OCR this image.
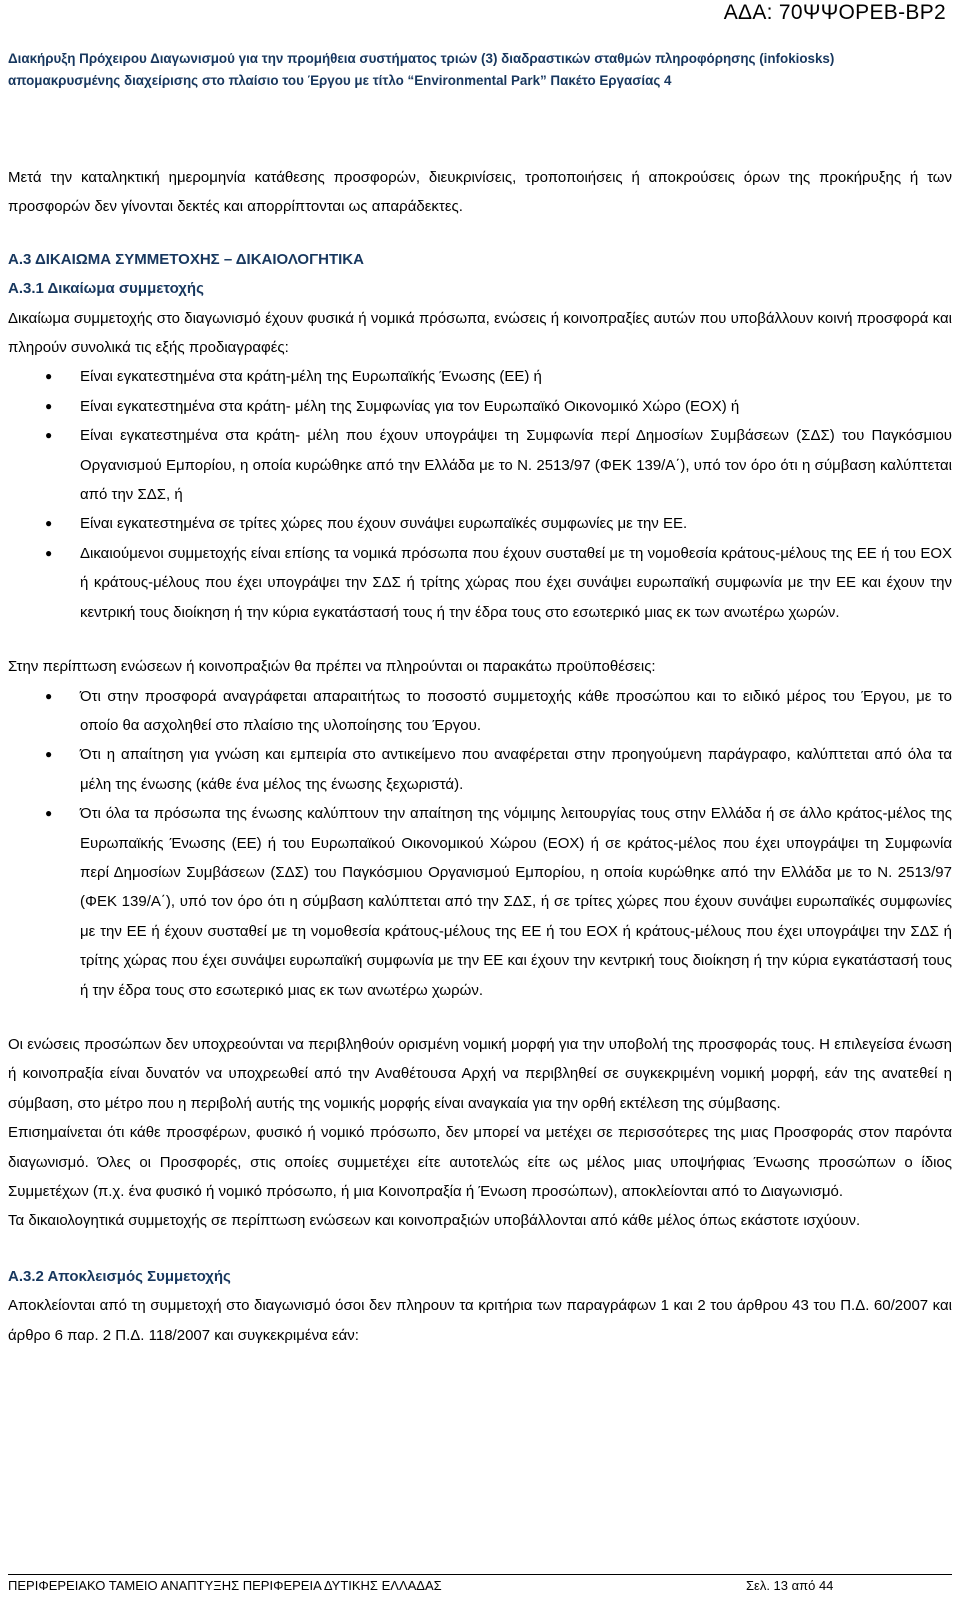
ΑΔΑ: 70ΨΨΟΡΕΒ-ΒΡ2
Διακήρυξη Πρόχειρου Διαγωνισμού για την προμήθεια συστήματος τριών (3) διαδραστικών σταθμών πληροφόρησης (infokiosks)
απομακρυσμένης διαχείρισης στο πλαίσιο του Έργου με τίτλο “Environmental Park” Πακέτο Εργασίας 4

Μετά την καταληκτική ημερομηνία κατάθεσης προσφορών, διευκρινίσεις, τροποποιήσεις ή αποκρούσεις όρων της προκήρυξης ή των προσφορών δεν γίνονται δεκτές και απορρίπτονται ως απαράδεκτες.

Α.3 ΔΙΚΑΙΩΜΑ ΣΥΜΜΕΤΟΧΗΣ – ΔΙΚΑΙΟΛΟΓΗΤΙΚΑ

Α.3.1 Δικαίωμα συμμετοχής

Δικαίωμα συμμετοχής στο διαγωνισμό έχουν φυσικά ή νομικά πρόσωπα, ενώσεις ή κοινοπραξίες αυτών που υποβάλλουν κοινή προσφορά και πληρούν συνολικά τις εξής προδιαγραφές:

● Είναι εγκατεστημένα στα κράτη-μέλη της Ευρωπαϊκής Ένωσης (ΕΕ) ή
● Είναι εγκατεστημένα στα κράτη- μέλη της Συμφωνίας για τον Ευρωπαϊκό Οικονομικό Χώρο (ΕΟΧ) ή
● Είναι εγκατεστημένα στα κράτη- μέλη που έχουν υπογράψει τη Συμφωνία περί Δημοσίων Συμβάσεων (ΣΔΣ) του Παγκόσμιου Οργανισμού Εμπορίου, η οποία κυρώθηκε από την Ελλάδα με το Ν. 2513/97 (ΦΕΚ 139/Α΄), υπό τον όρο ότι η σύμβαση καλύπτεται από την ΣΔΣ, ή
● Είναι εγκατεστημένα σε τρίτες χώρες που έχουν συνάψει ευρωπαϊκές συμφωνίες με την ΕΕ.
● Δικαιούμενοι συμμετοχής είναι επίσης τα νομικά πρόσωπα που έχουν συσταθεί με τη νομοθεσία κράτους-μέλους της ΕΕ ή του ΕΟΧ ή κράτους-μέλους που έχει υπογράψει την ΣΔΣ ή τρίτης χώρας που έχει συνάψει ευρωπαϊκή συμφωνία με την ΕΕ και έχουν την κεντρική τους διοίκηση ή την κύρια εγκατάστασή τους ή την έδρα τους στο εσωτερικό μιας εκ των ανωτέρω χωρών.

Στην περίπτωση ενώσεων ή κοινοπραξιών θα πρέπει να πληρούνται οι παρακάτω προϋποθέσεις:

● Ότι στην προσφορά αναγράφεται απαραιτήτως το ποσοστό συμμετοχής κάθε προσώπου και το ειδικό μέρος του Έργου, με το οποίο θα ασχοληθεί στο πλαίσιο της υλοποίησης του Έργου.
● Ότι η απαίτηση για γνώση και εμπειρία στο αντικείμενο που αναφέρεται στην προηγούμενη παράγραφο, καλύπτεται από όλα τα μέλη της ένωσης (κάθε ένα μέλος της ένωσης ξεχωριστά).
● Ότι όλα τα πρόσωπα της ένωσης καλύπτουν την απαίτηση της νόμιμης λειτουργίας τους στην Ελλάδα ή σε άλλο κράτος-μέλος της Ευρωπαϊκής Ένωσης (ΕΕ) ή του Ευρωπαϊκού Οικονομικού Χώρου (ΕΟΧ) ή σε κράτος-μέλος που έχει υπογράψει τη Συμφωνία περί Δημοσίων Συμβάσεων (ΣΔΣ) του Παγκόσμιου Οργανισμού Εμπορίου, η οποία κυρώθηκε από την Ελλάδα με το Ν. 2513/97 (ΦΕΚ 139/Α΄), υπό τον όρο ότι η σύμβαση καλύπτεται από την ΣΔΣ, ή σε τρίτες χώρες που έχουν συνάψει ευρωπαϊκές συμφωνίες με την ΕΕ ή έχουν συσταθεί με τη νομοθεσία κράτους-μέλους της ΕΕ ή του ΕΟΧ ή κράτους-μέλους που έχει υπογράψει την ΣΔΣ ή τρίτης χώρας που έχει συνάψει ευρωπαϊκή συμφωνία με την ΕΕ και έχουν την κεντρική τους διοίκηση ή την κύρια εγκατάστασή τους ή την έδρα τους στο εσωτερικό μιας εκ των ανωτέρω χωρών.

Οι ενώσεις προσώπων δεν υποχρεούνται να περιβληθούν ορισμένη νομική μορφή για την υποβολή της προσφοράς τους. Η επιλεγείσα ένωση ή κοινοπραξία είναι δυνατόν να υποχρεωθεί από την Αναθέτουσα Αρχή να περιβληθεί σε συγκεκριμένη νομική μορφή, εάν της ανατεθεί η σύμβαση, στο μέτρο που η περιβολή αυτής της νομικής μορφής είναι αναγκαία για την ορθή εκτέλεση της σύμβασης.

Επισημαίνεται ότι κάθε προσφέρων, φυσικό ή νομικό πρόσωπο, δεν μπορεί να μετέχει σε περισσότερες της μιας Προσφοράς στον παρόντα διαγωνισμό. Όλες οι Προσφορές, στις οποίες συμμετέχει είτε αυτοτελώς είτε ως μέλος μιας υποψήφιας Ένωσης προσώπων ο ίδιος Συμμετέχων (π.χ. ένα φυσικό ή νομικό πρόσωπο, ή μια Κοινοπραξία ή Ένωση προσώπων), αποκλείονται από το Διαγωνισμό.

Τα δικαιολογητικά συμμετοχής σε περίπτωση ενώσεων και κοινοπραξιών υποβάλλονται από κάθε μέλος όπως εκάστοτε ισχύουν.

Α.3.2 Αποκλεισμός Συμμετοχής

Αποκλείονται από τη συμμετοχή στο διαγωνισμό όσοι δεν πληρουν τα κριτήρια των παραγράφων 1 και 2 του άρθρου 43 του Π.Δ. 60/2007 και άρθρο 6 παρ. 2 Π.Δ. 118/2007 και συγκεκριμένα εάν:

ΠΕΡΙΦΕΡΕΙΑΚΟ ΤΑΜΕΙΟ ΑΝΑΠΤΥΞΗΣ ΠΕΡΙΦΕΡΕΙΑ ΔΥΤΙΚΗΣ ΕΛΛΑΔΑΣ	Σελ. 13 από 44
